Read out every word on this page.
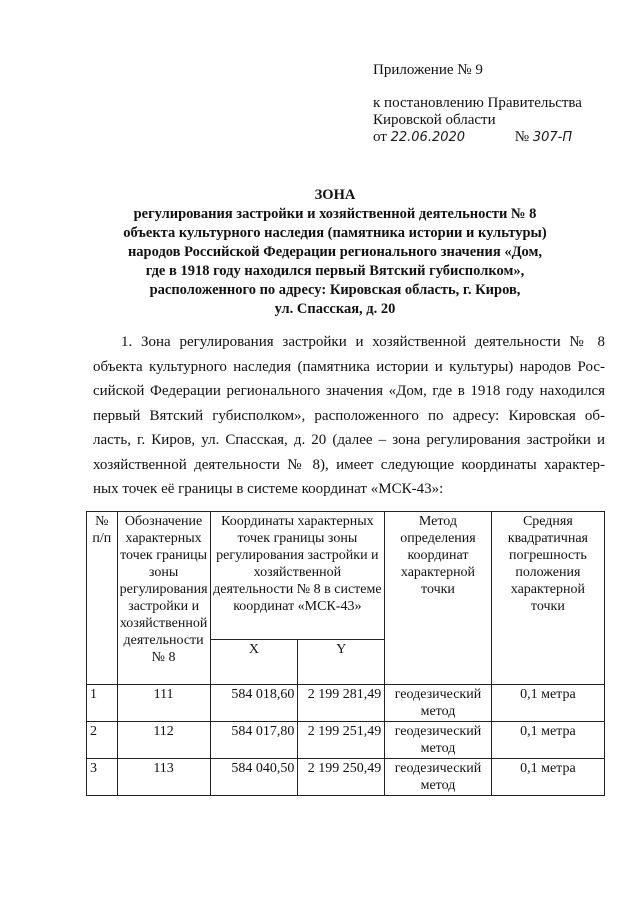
Приложение № 9
к постановлению Правительства
Кировской области
от 22.06.2020	№ 307-П
ЗОНА
регулирования застройки и хозяйственной деятельности № 8
объекта культурного наследия (памятника истории и культуры)
народов Российской Федерации регионального значения «Дом,
где в 1918 году находился первый Вятский губисполком»,
расположенного по адресу: Кировская область, г. Киров,
ул. Спасская, д. 20
1. Зона регулирования застройки и хозяйственной деятельности № 8
объекта культурного наследия (памятника истории и культуры) народов Рос-
сийской Федерации регионального значения «Дом, где в 1918 году находился
первый Вятский губисполком», расположенного по адресу: Кировская об-
ласть, г. Киров, ул. Спасская, д. 20 (далее – зона регулирования застройки и
хозяйственной деятельности № 8), имеет следующие координаты характер-
ных точек её границы в системе координат «МСК-43»:
№ п/п	Обозначение характерных точек границы зоны регулирования застройки и хозяйственной деятельности № 8	Координаты характерных точек границы зоны регулирования застройки и хозяйственной деятельности № 8 в системе координат «МСК-43»		Метод определения координат характерной точки	Средняя квадратичная погрешность положения характерной точки
		X	Y		
1	111	584 018,60	2 199 281,49	геодезический метод	0,1 метра
2	112	584 017,80	2 199 251,49	геодезический метод	0,1 метра
3	113	584 040,50	2 199 250,49	геодезический метод	0,1 метра
